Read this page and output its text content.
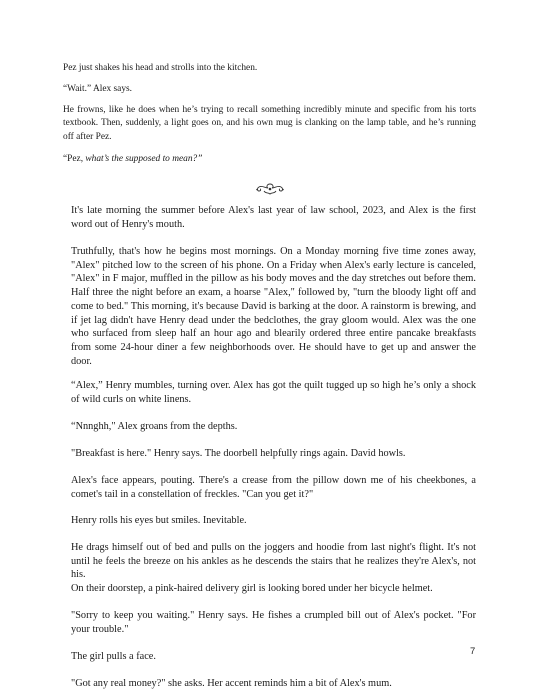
Pez just shakes his head and strolls into the kitchen.

“Wait.” Alex says.

He frowns, like he does when he’s trying to recall something incredibly minute and specific from his torts textbook. Then, suddenly, a light goes on, and his own mug is clanking on the lamp table, and he’s running off after Pez.

“Pez, what’s the supposed to mean?”

It's late morning the summer before Alex's last year of law school, 2023, and Alex is the first word out of Henry's mouth.

Truthfully, that's how he begins most mornings. On a Monday morning five time zones away, "Alex" pitched low to the screen of his phone. On a Friday when Alex's early lecture is canceled, "Alex" in F major, muffled in the pillow as his body moves and the day stretches out before them. Half three the night before an exam, a hoarse "Alex," followed by, "turn the bloody light off and come to bed." This morning, it's because David is barking at the door. A rainstorm is brewing, and if jet lag didn't have Henry dead under the bedclothes, the gray gloom would. Alex was the one who surfaced from sleep half an hour ago and blearily ordered three entire pancake breakfasts from some 24-hour diner a few neighborhoods over. He should have to get up and answer the door.

“Alex,” Henry mumbles, turning over. Alex has got the quilt tugged up so high he’s only a shock of wild curls on white linens.

“Nnnghh," Alex groans from the depths.

"Breakfast is here." Henry says. The doorbell helpfully rings again. David howls.

Alex's face appears, pouting. There's a crease from the pillow down me of his cheekbones, a comet's tail in a constellation of freckles. "Can you get it?"

Henry rolls his eyes but smiles. Inevitable.

He drags himself out of bed and pulls on the joggers and hoodie from last night's flight. It's not until he feels the breeze on his ankles as he descends the stairs that he realizes they're Alex's, not his.

On their doorstep, a pink-haired delivery girl is looking bored under her bicycle helmet.

"Sorry to keep you waiting." Henry says. He fishes a crumpled bill out of Alex's pocket. "For your trouble."

The girl pulls a face.

"Got any real money?" she asks. Her accent reminds him a bit of Alex's mum.

7
